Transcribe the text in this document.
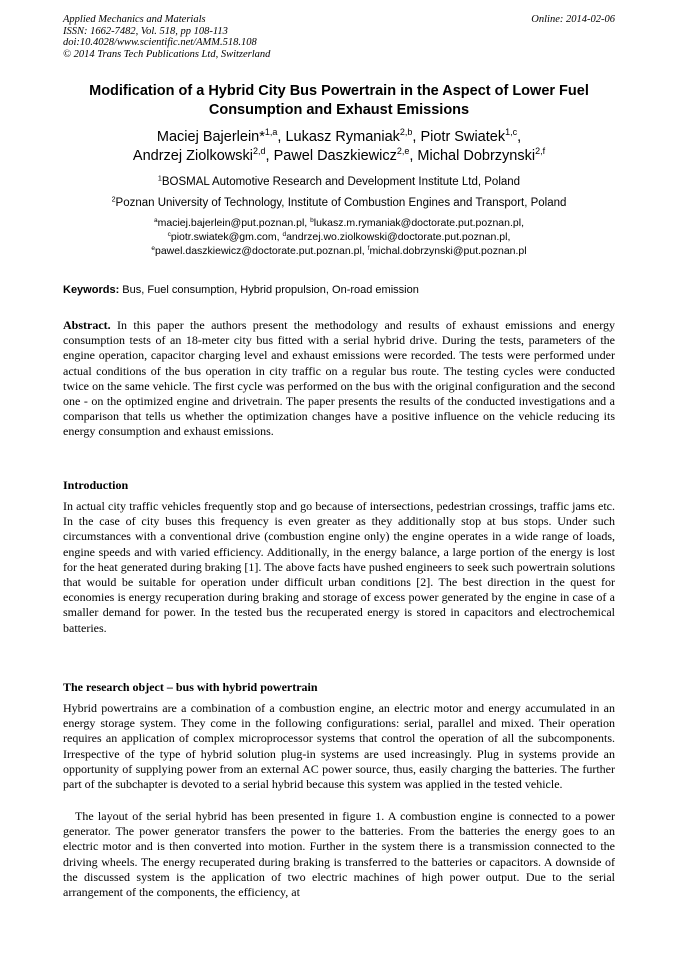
Applied Mechanics and Materials
ISSN: 1662-7482, Vol. 518, pp 108-113
doi:10.4028/www.scientific.net/AMM.518.108
© 2014 Trans Tech Publications Ltd, Switzerland
Online: 2014-02-06
Modification of a Hybrid City Bus Powertrain in the Aspect of Lower Fuel
Consumption and Exhaust Emissions
Maciej Bajerlein*$^{1,a}$, Lukasz Rymaniak$^{2,b}$, Piotr Swiatek$^{1,c}$,
Andrzej Ziolkowski$^{2,d}$, Pawel Daszkiewicz$^{2,e}$, Michal Dobrzynski$^{2,f}$
$^1$BOSMAL Automotive Research and Development Institute Ltd, Poland
$^2$Poznan University of Technology, Institute of Combustion Engines and Transport, Poland
$^a$maciej.bajerlein@put.poznan.pl, $^b$lukasz.m.rymaniak@doctorate.put.poznan.pl,
$^c$piotr.swiatek@gm.com, $^d$andrzej.wo.ziolkowski@doctorate.put.poznan.pl,
$^e$pawel.daszkiewicz@doctorate.put.poznan.pl, $^f$michal.dobrzynski@put.poznan.pl
Keywords: Bus, Fuel consumption, Hybrid propulsion, On-road emission
Abstract. In this paper the authors present the methodology and results of exhaust emissions and energy consumption tests of an 18-meter city bus fitted with a serial hybrid drive. During the tests, parameters of the engine operation, capacitor charging level and exhaust emissions were recorded. The tests were performed under actual conditions of the bus operation in city traffic on a regular bus route. The testing cycles were conducted twice on the same vehicle. The first cycle was performed on the bus with the original configuration and the second one - on the optimized engine and drivetrain. The paper presents the results of the conducted investigations and a comparison that tells us whether the optimization changes have a positive influence on the vehicle reducing its energy consumption and exhaust emissions.
Introduction
In actual city traffic vehicles frequently stop and go because of intersections, pedestrian crossings, traffic jams etc. In the case of city buses this frequency is even greater as they additionally stop at bus stops. Under such circumstances with a conventional drive (combustion engine only) the engine operates in a wide range of loads, engine speeds and with varied efficiency. Additionally, in the energy balance, a large portion of the energy is lost for the heat generated during braking [1]. The above facts have pushed engineers to seek such powertrain solutions that would be suitable for operation under difficult urban conditions [2]. The best direction in the quest for economies is energy recuperation during braking and storage of excess power generated by the engine in case of a smaller demand for power. In the tested bus the recuperated energy is stored in capacitors and electrochemical batteries.
The research object – bus with hybrid powertrain
Hybrid powertrains are a combination of a combustion engine, an electric motor and energy accumulated in an energy storage system. They come in the following configurations: serial, parallel and mixed. Their operation requires an application of complex microprocessor systems that control the operation of all the subcomponents. Irrespective of the type of hybrid solution plug-in systems are used increasingly. Plug in systems provide an opportunity of supplying power from an external AC power source, thus, easily charging the batteries. The further part of the subchapter is devoted to a serial hybrid because this system was applied in the tested vehicle.
The layout of the serial hybrid has been presented in figure 1. A combustion engine is connected to a power generator. The power generator transfers the power to the batteries. From the batteries the energy goes to an electric motor and is then converted into motion. Further in the system there is a transmission connected to the driving wheels. The energy recuperated during braking is transferred to the batteries or capacitors. A downside of the discussed system is the application of two electric machines of high power output. Due to the serial arrangement of the components, the efficiency, at
